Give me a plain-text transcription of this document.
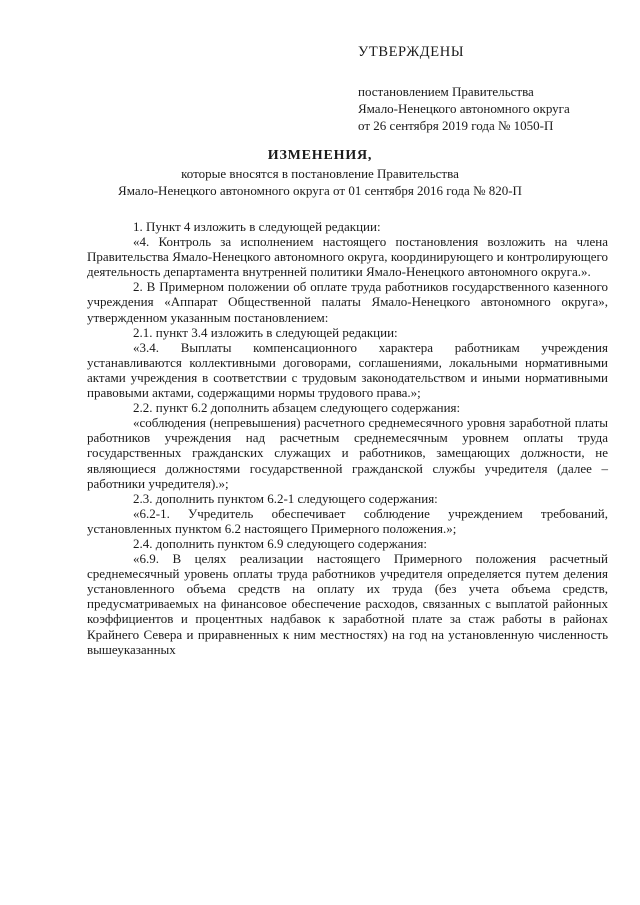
УТВЕРЖДЕНЫ
постановлением Правительства
Ямало-Ненецкого автономного округа
от 26 сентября 2019 года № 1050-П
ИЗМЕНЕНИЯ,
которые вносятся в постановление Правительства
Ямало-Ненецкого автономного округа от 01 сентября 2016 года № 820-П

1. Пункт 4 изложить в следующей редакции:

«4. Контроль за исполнением настоящего постановления возложить на члена Правительства Ямало-Ненецкого автономного округа, координирующего и контролирующего деятельность департамента внутренней политики Ямало-Ненецкого автономного округа.».

2. В Примерном положении об оплате труда работников государственного казенного учреждения «Аппарат Общественной палаты Ямало-Ненецкого автономного округа», утвержденном указанным постановлением:

2.1. пункт 3.4 изложить в следующей редакции:

«3.4. Выплаты компенсационного характера работникам учреждения устанавливаются коллективными договорами, соглашениями, локальными нормативными актами учреждения в соответствии с трудовым законодательством и иными нормативными правовыми актами, содержащими нормы трудового права.»;

2.2. пункт 6.2 дополнить абзацем следующего содержания:

«соблюдения (непревышения) расчетного среднемесячного уровня заработной платы работников учреждения над расчетным среднемесячным уровнем оплаты труда государственных гражданских служащих и работников, замещающих должности, не являющиеся должностями государственной гражданской службы учредителя (далее – работники учредителя).»;

2.3. дополнить пунктом 6.2-1 следующего содержания:

«6.2-1. Учредитель обеспечивает соблюдение учреждением требований, установленных пунктом 6.2 настоящего Примерного положения.»;

2.4. дополнить пунктом 6.9 следующего содержания:

«6.9. В целях реализации настоящего Примерного положения расчетный среднемесячный уровень оплаты труда работников учредителя определяется путем деления установленного объема средств на оплату их труда (без учета объема средств, предусматриваемых на финансовое обеспечение расходов, связанных с выплатой районных коэффициентов и процентных надбавок к заработной плате за стаж работы в районах Крайнего Севера и приравненных к ним местностях) на год на установленную численность вышеуказанных
